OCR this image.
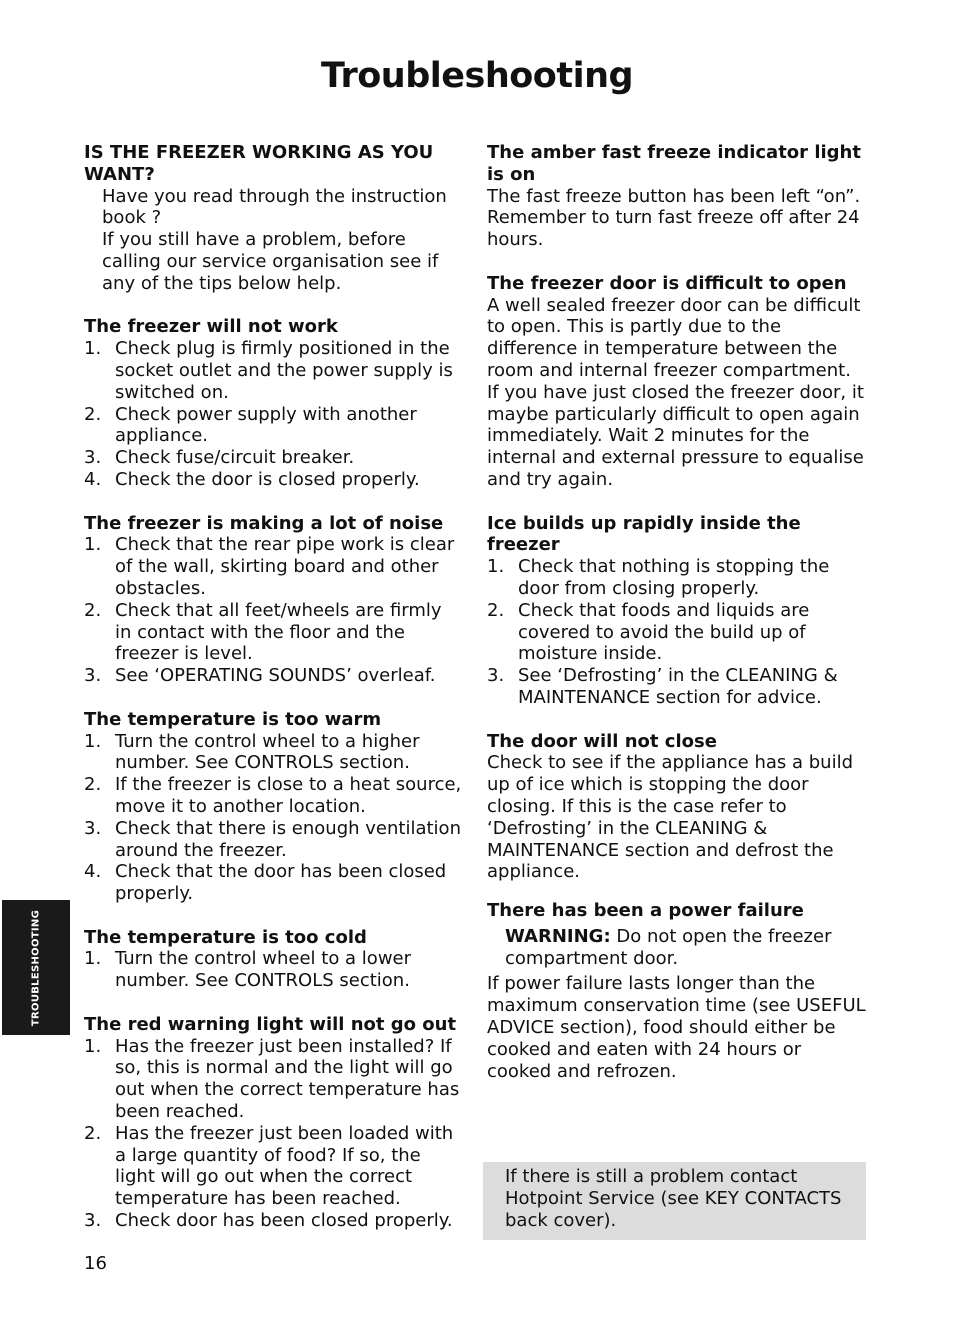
Troubleshooting
IS THE FREEZER WORKING AS YOU WANT?
Have you read through the instruction book ?
If you still have a problem, before calling our service organisation see if any of the tips below help.
The freezer will not work
1. Check plug is firmly positioned in the socket outlet and the power supply is switched on.
2. Check power supply with another appliance.
3. Check fuse/circuit breaker.
4. Check the door is closed properly.
The freezer is making a lot of noise
1. Check that the rear pipe work is clear of the wall, skirting board and other obstacles.
2. Check that all feet/wheels are firmly in contact with the floor and the freezer is level.
3. See ‘OPERATING SOUNDS’ overleaf.
The temperature is too warm
1. Turn the control wheel to a higher number. See CONTROLS section.
2. If the freezer is close to a heat source, move it to another location.
3. Check that there is enough ventilation around the freezer.
4. Check that the door has been closed properly.
The temperature is too cold
1. Turn the control wheel to a lower number. See CONTROLS section.
The red warning light will not go out
1. Has the freezer just been installed? If so, this is normal and the light will go out when the correct temperature has been reached.
2. Has the freezer just been loaded with a large quantity of food? If so, the light will go out when the correct temperature has been reached.
3. Check door has been closed properly.
The amber fast freeze indicator light is on
The fast freeze button has been left “on”. Remember to turn fast freeze off after 24 hours.
The freezer door is difficult to open
A well sealed freezer door can be difficult to open. This is partly due to the difference in temperature between the room and internal freezer compartment. If you have just closed the freezer door, it maybe particularly difficult to open again immediately. Wait 2 minutes for the internal and external pressure to equalise and try again.
Ice builds up rapidly inside the freezer
1. Check that nothing is stopping the door from closing properly.
2. Check that foods and liquids are covered to avoid the build up of moisture inside.
3. See ‘Defrosting’ in the CLEANING & MAINTENANCE section for advice.
The door will not close
Check to see if the appliance has a build up of ice which is stopping the door closing. If this is the case refer to ‘Defrosting’ in the CLEANING & MAINTENANCE section and defrost the appliance.
There has been a power failure
WARNING: Do not open the freezer compartment door.
If power failure lasts longer than the maximum conservation time (see USEFUL ADVICE section), food should either be cooked and eaten with 24 hours or cooked and refrozen.
If there is still a problem contact Hotpoint Service (see KEY CONTACTS back cover).
TROUBLESHOOTING
16
